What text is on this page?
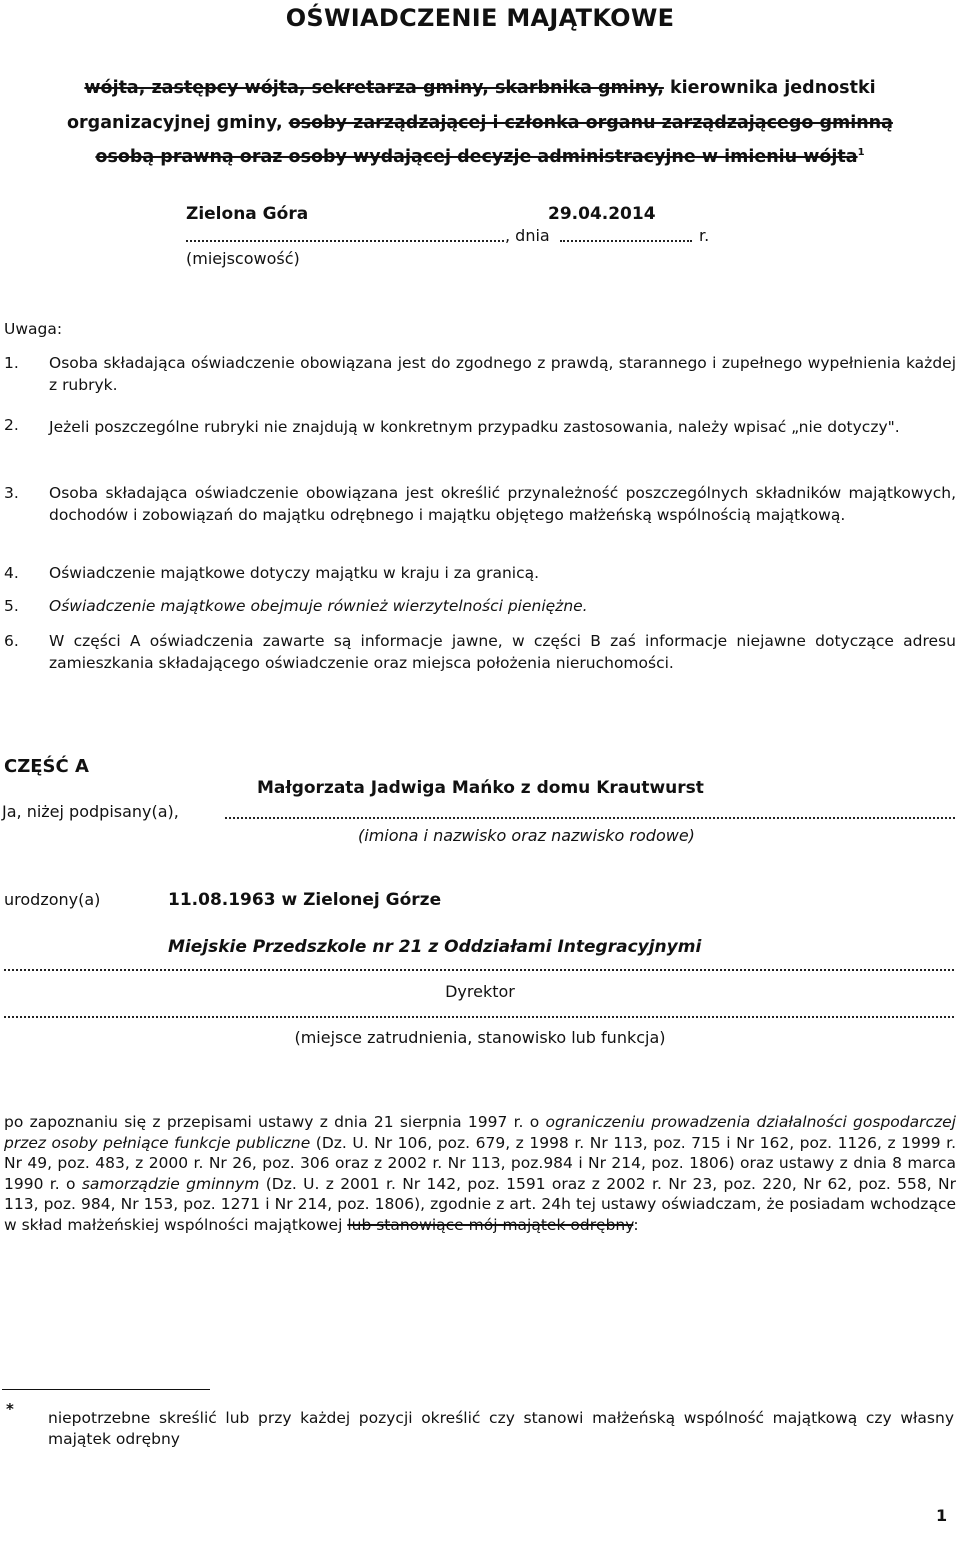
OŚWIADCZENIE MAJĄTKOWE
wójta, zastępcy wójta, sekretarza gminy, skarbnika gminy, kierownika jednostki
organizacyjnej gminy, osoby zarządzającej i członka organu zarządzającego gminną
osobą prawną oraz osoby wydającej decyzje administracyjne w imieniu wójta$^1$
Zielona Góra	29.04.2014
, dnia	r.
(miejscowość)
Uwaga:
1. Osoba składająca oświadczenie obowiązana jest do zgodnego z prawdą, starannego i zupełnego wypełnienia każdej z rubryk.
2. Jeżeli poszczególne rubryki nie znajdują w konkretnym przypadku zastosowania, należy wpisać „nie dotyczy".
3. Osoba składająca oświadczenie obowiązana jest określić przynależność poszczególnych składników majątkowych, dochodów i zobowiązań do majątku odrębnego i majątku objętego małżeńską wspólnością majątkową.
4. Oświadczenie majątkowe dotyczy majątku w kraju i za granicą.
5. Oświadczenie majątkowe obejmuje również wierzytelności pieniężne.
6. W części A oświadczenia zawarte są informacje jawne, w części B zaś informacje niejawne dotyczące adresu zamieszkania składającego oświadczenie oraz miejsca położenia nieruchomości.
CZĘŚĆ A
Małgorzata Jadwiga Mańko z domu Krautwurst
Ja, niżej podpisany(a),
(imiona i nazwisko oraz nazwisko rodowe)
urodzony(a)	11.08.1963 w Zielonej Górze
Miejskie Przedszkole nr 21 z Oddziałami Integracyjnymi
Dyrektor
(miejsce zatrudnienia, stanowisko lub funkcja)
po zapoznaniu się z przepisami ustawy z dnia 21 sierpnia 1997 r. o ograniczeniu prowadzenia działalności gospodarczej przez osoby pełniące funkcje publiczne (Dz. U. Nr 106, poz. 679, z 1998 r. Nr 113, poz. 715 i Nr 162, poz. 1126, z 1999 r. Nr 49, poz. 483, z 2000 r. Nr 26, poz. 306 oraz z 2002 r. Nr 113, poz.984 i Nr 214, poz. 1806) oraz ustawy z dnia 8 marca 1990 r. o samorządzie gminnym (Dz. U. z 2001 r. Nr 142, poz. 1591 oraz z 2002 r. Nr 23, poz. 220, Nr 62, poz. 558, Nr 113, poz. 984, Nr 153, poz. 1271 i Nr 214, poz. 1806), zgodnie z art. 24h tej ustawy oświadczam, że posiadam wchodzące w skład małżeńskiej wspólności majątkowej lub stanowiące mój majątek odrębny:
* niepotrzebne skreślić lub przy każdej pozycji określić czy stanowi małżeńską wspólność majątkową czy własny majątek odrębny
1
